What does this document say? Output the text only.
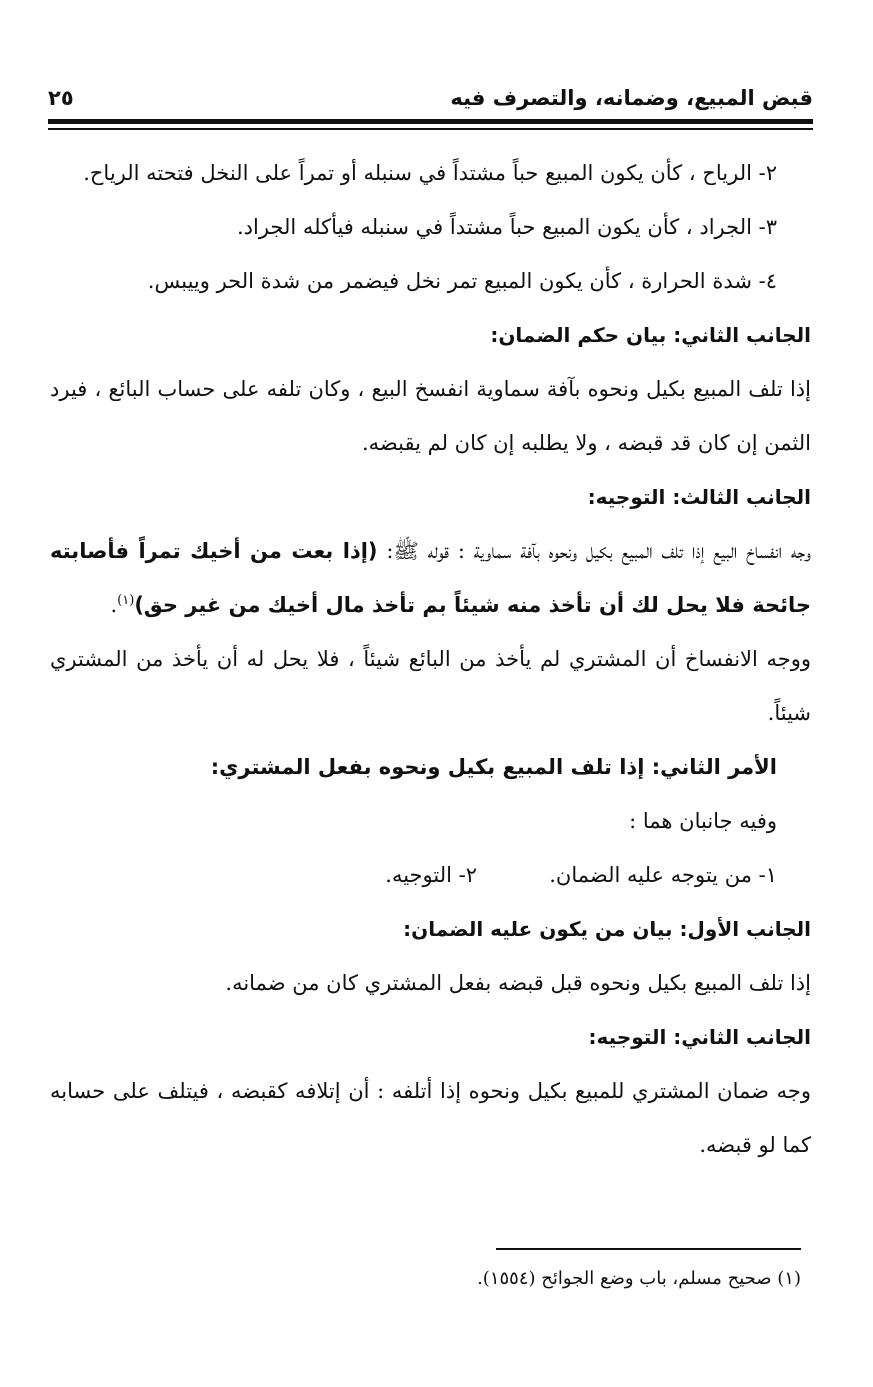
قبض المبيع، وضمانه، والتصرف فيه
٢٥

٢- الرياح ، كأن يكون المبيع حباً مشتداً في سنبله أو تمراً على النخل فتحته الرياح.

٣- الجراد ، كأن يكون المبيع حباً مشتداً في سنبله فيأكله الجراد.

٤- شدة الحرارة ، كأن يكون المبيع تمر نخل فيضمر من شدة الحر وييبس.

الجانب الثاني: بيان حكم الضمان:

إذا تلف المبيع بكيل ونحوه بآفة سماوية انفسخ البيع ، وكان تلفه على حساب البائع ، فيرد الثمن إن كان قد قبضه ، ولا يطلبه إن كان لم يقبضه.

الجانب الثالث: التوجيه:

وجه انفساخ البيع إذا تلف المبيع بكيل ونحوه بآفة سماوية : قوله ﷺ: (إذا بعت من أخيك تمراً فأصابته جائحة فلا يحل لك أن تأخذ منه شيئاً بم تأخذ مال أخيك من غير حق)$^{(١)}$.

ووجه الانفساخ أن المشتري لم يأخذ من البائع شيئاً ، فلا يحل له أن يأخذ من المشتري شيئاً.

الأمر الثاني: إذا تلف المبيع بكيل ونحوه بفعل المشتري:

وفيه جانبان هما :

١- من يتوجه عليه الضمان.
٢- التوجيه.

الجانب الأول: بيان من يكون عليه الضمان:

إذا تلف المبيع بكيل ونحوه قبل قبضه بفعل المشتري كان من ضمانه.

الجانب الثاني: التوجيه:

وجه ضمان المشتري للمبيع بكيل ونحوه إذا أتلفه : أن إتلافه كقبضه ، فيتلف على حسابه كما لو قبضه.

(١) صحيح مسلم، باب وضع الجوائح (١٥٥٤).
